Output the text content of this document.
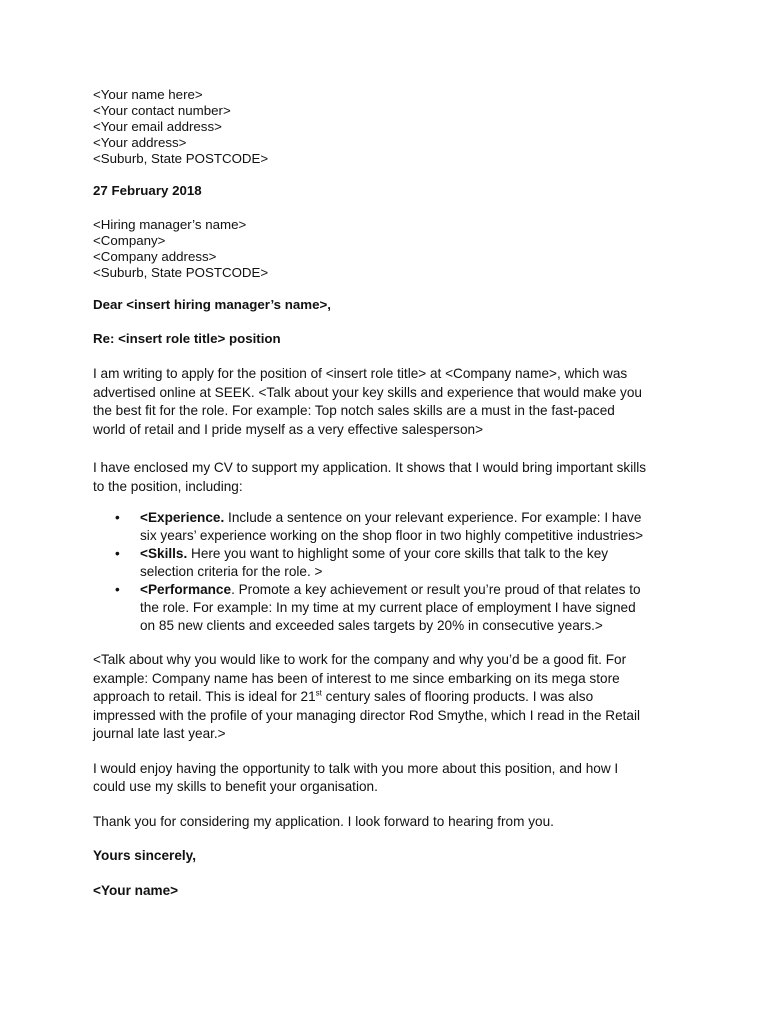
<Your name here>
<Your contact number>
<Your email address>
<Your address>
<Suburb, State POSTCODE>
27 February 2018
<Hiring manager’s name>
<Company>
<Company address>
<Suburb, State POSTCODE>
Dear <insert hiring manager’s name>,
Re: <insert role title> position
I am writing to apply for the position of <insert role title> at <Company name>, which was
advertised online at SEEK. <Talk about your key skills and experience that would make you
the best fit for the role. For example: Top notch sales skills are a must in the fast-paced
world of retail and I pride myself as a very effective salesperson>
I have enclosed my CV to support my application. It shows that I would bring important skills
to the position, including:
• <Experience. Include a sentence on your relevant experience. For example: I have
six years’ experience working on the shop floor in two highly competitive industries>
• <Skills. Here you want to highlight some of your core skills that talk to the key
selection criteria for the role. >
• <Performance. Promote a key achievement or result you’re proud of that relates to
the role. For example: In my time at my current place of employment I have signed
on 85 new clients and exceeded sales targets by 20% in consecutive years.>
<Talk about why you would like to work for the company and why you’d be a good fit. For
example: Company name has been of interest to me since embarking on its mega store
approach to retail. This is ideal for 21st century sales of flooring products. I was also
impressed with the profile of your managing director Rod Smythe, which I read in the Retail
journal late last year.>
I would enjoy having the opportunity to talk with you more about this position, and how I
could use my skills to benefit your organisation.
Thank you for considering my application. I look forward to hearing from you.
Yours sincerely,
<Your name>
